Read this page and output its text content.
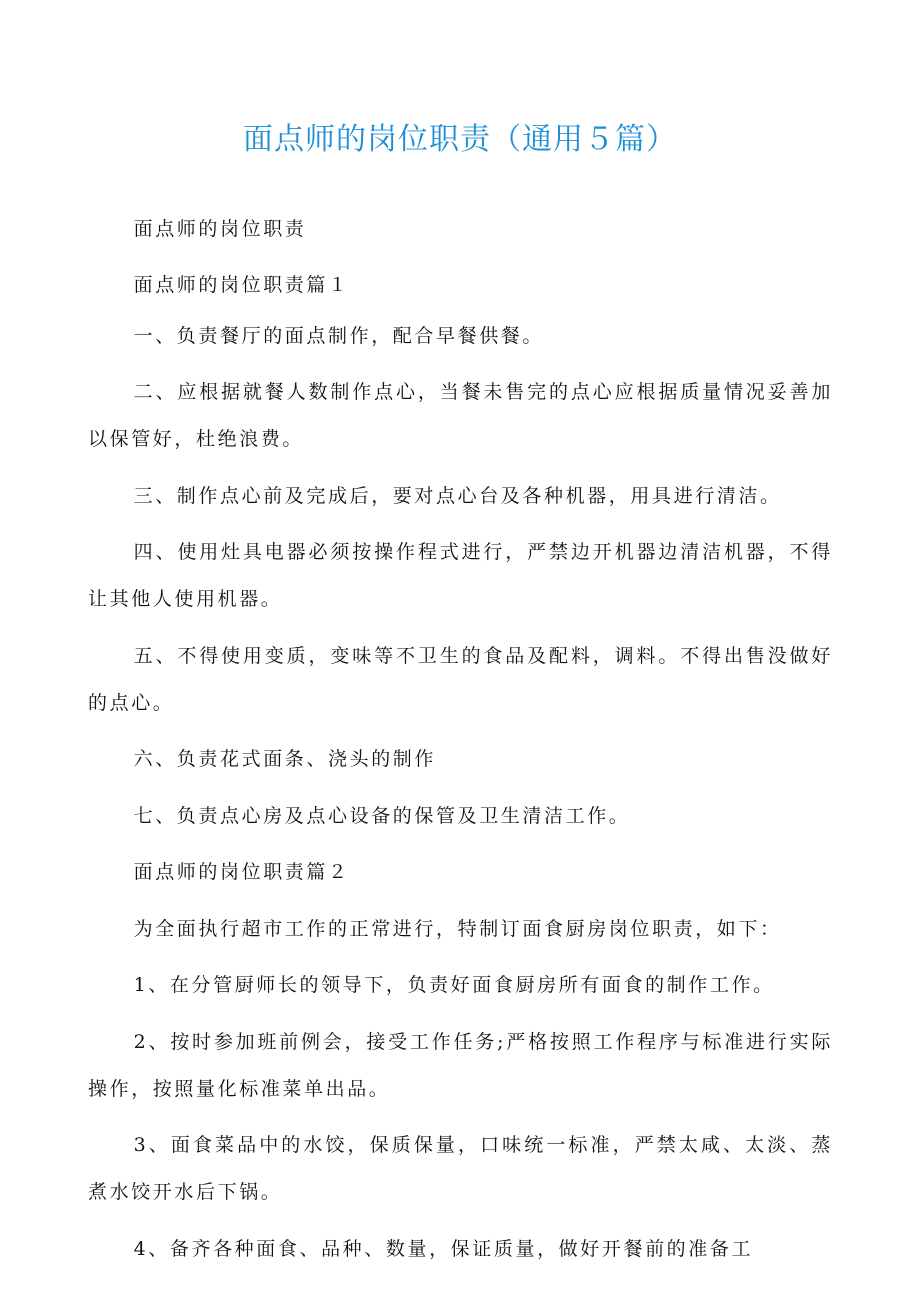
面点师的岗位职责（通用５篇）

面点师的岗位职责

面点师的岗位职责篇１

一、负责餐厅的面点制作，配合早餐供餐。

二、应根据就餐人数制作点心，当餐未售完的点心应根据质量情况妥善加以保管好，杜绝浪费。

三、制作点心前及完成后，要对点心台及各种机器，用具进行清洁。

四、使用灶具电器必须按操作程式进行，严禁边开机器边清洁机器，不得让其他人使用机器。

五、不得使用变质，变味等不卫生的食品及配料，调料。不得出售没做好的点心。

六、负责花式面条、浇头的制作

七、负责点心房及点心设备的保管及卫生清洁工作。

面点师的岗位职责篇２

为全面执行超市工作的正常进行，特制订面食厨房岗位职责，如下：

1、在分管厨师长的领导下，负责好面食厨房所有面食的制作工作。

2、按时参加班前例会，接受工作任务;严格按照工作程序与标准进行实际操作，按照量化标准菜单出品。

3、面食菜品中的水饺，保质保量，口味统一标准，严禁太咸、太淡、蒸煮水饺开水后下锅。

4、备齐各种面食、品种、数量，保证质量，做好开餐前的准备工
